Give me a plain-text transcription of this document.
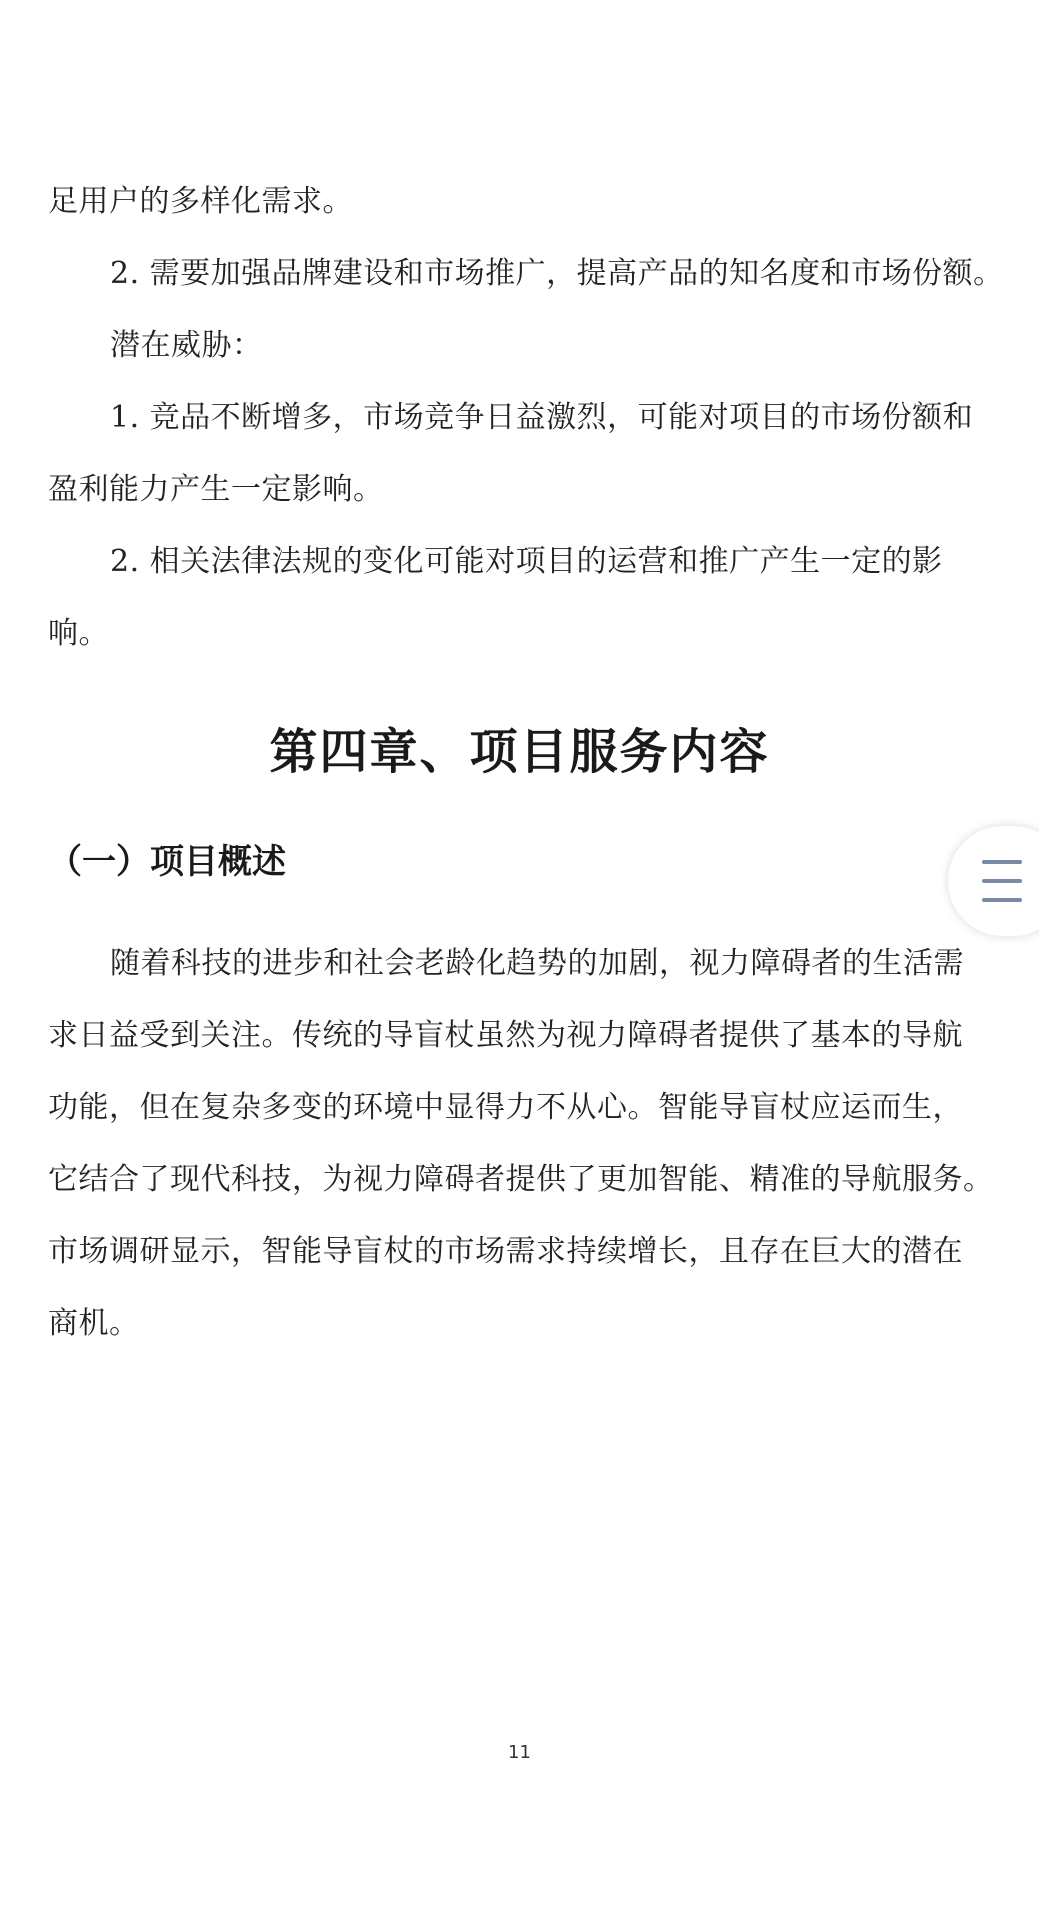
足用户的多样化需求。
2. 需要加强品牌建设和市场推广，提高产品的知名度和市场份额。
潜在威胁：
1. 竞品不断增多，市场竞争日益激烈，可能对项目的市场份额和
盈利能力产生一定影响。
2. 相关法律法规的变化可能对项目的运营和推广产生一定的影
响。
第四章、项目服务内容
（一）项目概述
随着科技的进步和社会老龄化趋势的加剧，视力障碍者的生活需
求日益受到关注。传统的导盲杖虽然为视力障碍者提供了基本的导航
功能，但在复杂多变的环境中显得力不从心。智能导盲杖应运而生，
它结合了现代科技，为视力障碍者提供了更加智能、精准的导航服务。
市场调研显示，智能导盲杖的市场需求持续增长，且存在巨大的潜在
商机。
11
